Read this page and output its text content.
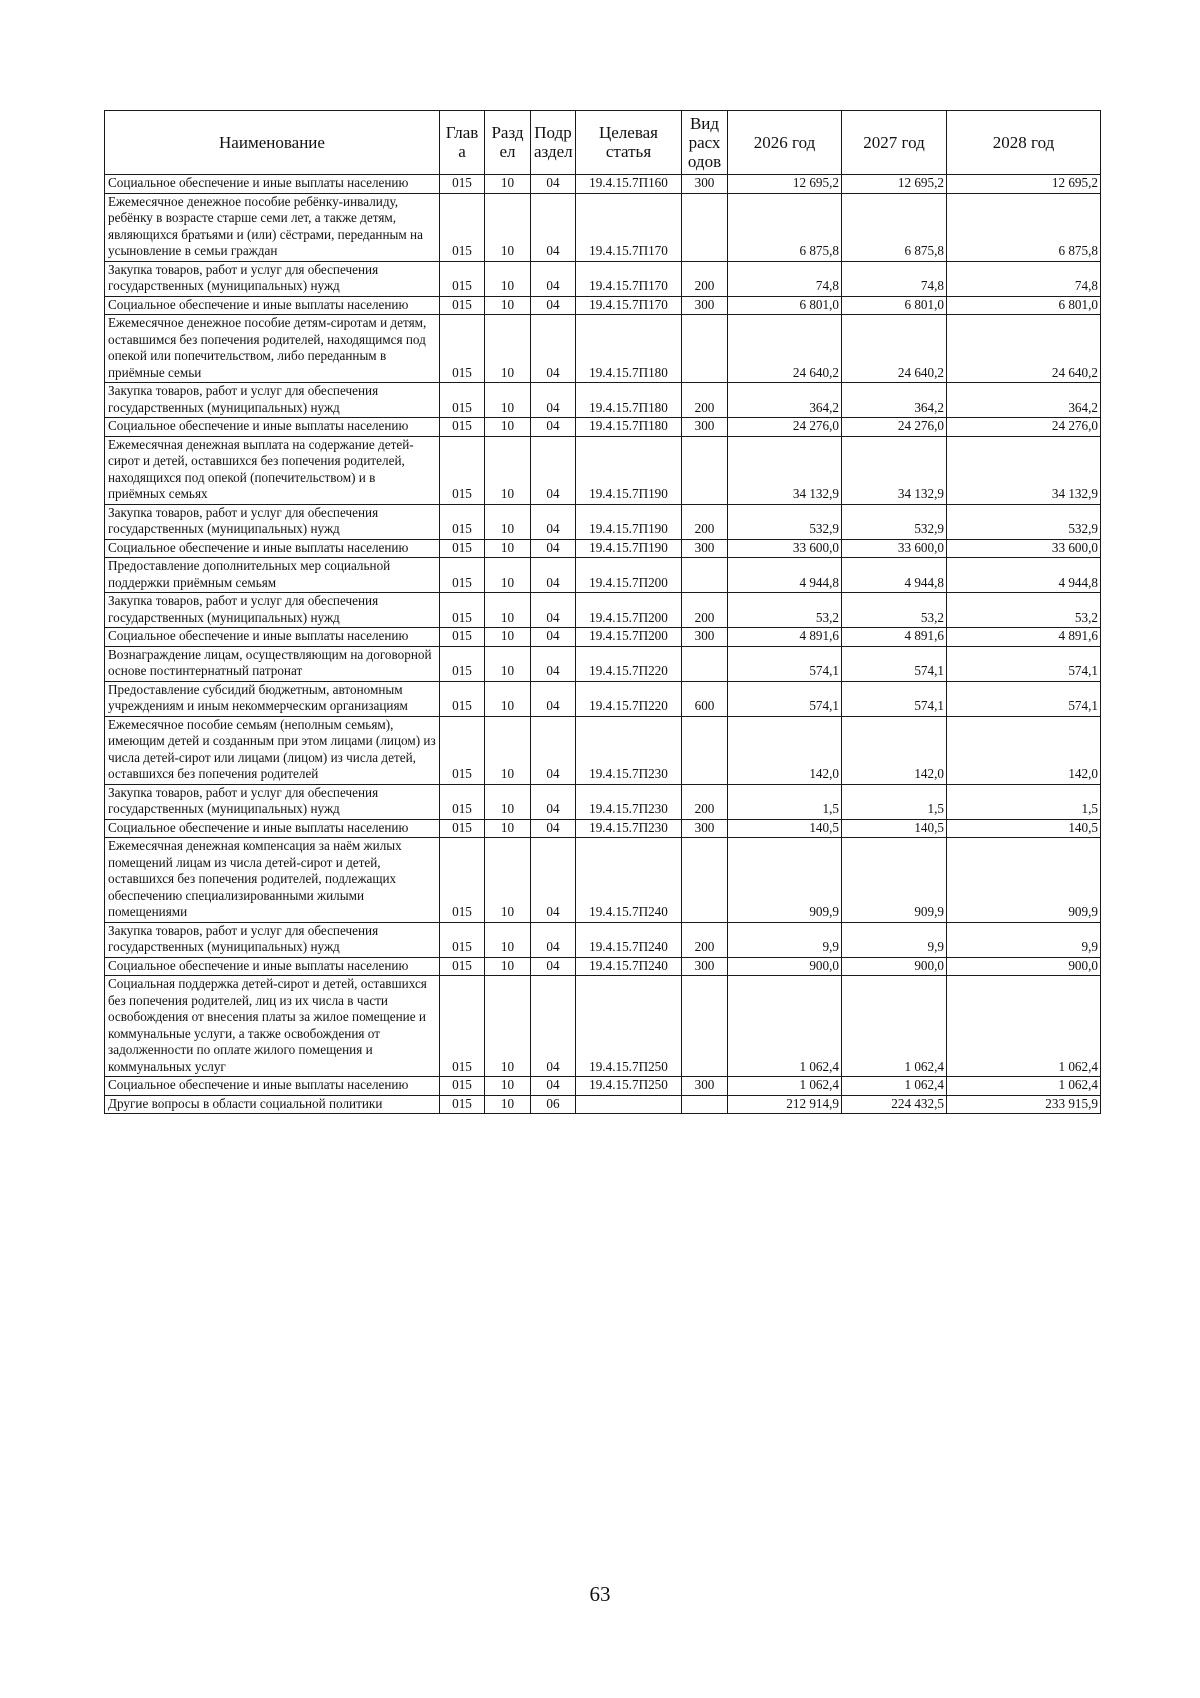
Наименование	Глав а	Разд ел	Подр аздел	Целевая статья	Вид расх одов	2026 год	2027 год	2028 год
Социальное обеспечение и иные выплаты населению	015	10	04	19.4.15.7П160	300	12 695,2	12 695,2	12 695,2
Ежемесячное денежное пособие ребёнку-инвалиду, ребёнку в возрасте старше семи лет, а также детям, являющихся братьями и (или) сёстрами, переданным на усыновление в семьи граждан	015	10	04	19.4.15.7П170		6 875,8	6 875,8	6 875,8
Закупка товаров, работ и услуг для обеспечения государственных (муниципальных) нужд	015	10	04	19.4.15.7П170	200	74,8	74,8	74,8
Социальное обеспечение и иные выплаты населению	015	10	04	19.4.15.7П170	300	6 801,0	6 801,0	6 801,0
Ежемесячное денежное пособие детям-сиротам и детям, оставшимся без попечения родителей, находящимся под опекой или попечительством, либо переданным в приёмные семьи	015	10	04	19.4.15.7П180		24 640,2	24 640,2	24 640,2
Закупка товаров, работ и услуг для обеспечения государственных (муниципальных) нужд	015	10	04	19.4.15.7П180	200	364,2	364,2	364,2
Социальное обеспечение и иные выплаты населению	015	10	04	19.4.15.7П180	300	24 276,0	24 276,0	24 276,0
Ежемесячная денежная выплата на содержание детей-сирот и детей, оставшихся без попечения родителей, находящихся под опекой (попечительством) и в приёмных семьях	015	10	04	19.4.15.7П190		34 132,9	34 132,9	34 132,9
Закупка товаров, работ и услуг для обеспечения государственных (муниципальных) нужд	015	10	04	19.4.15.7П190	200	532,9	532,9	532,9
Социальное обеспечение и иные выплаты населению	015	10	04	19.4.15.7П190	300	33 600,0	33 600,0	33 600,0
Предоставление дополнительных мер социальной поддержки приёмным семьям	015	10	04	19.4.15.7П200		4 944,8	4 944,8	4 944,8
Закупка товаров, работ и услуг для обеспечения государственных (муниципальных) нужд	015	10	04	19.4.15.7П200	200	53,2	53,2	53,2
Социальное обеспечение и иные выплаты населению	015	10	04	19.4.15.7П200	300	4 891,6	4 891,6	4 891,6
Вознаграждение лицам, осуществляющим на договорной основе постинтернатный патронат	015	10	04	19.4.15.7П220		574,1	574,1	574,1
Предоставление субсидий бюджетным, автономным учреждениям и иным некоммерческим организациям	015	10	04	19.4.15.7П220	600	574,1	574,1	574,1
Ежемесячное пособие семьям (неполным семьям), имеющим детей и созданным при этом лицами (лицом) из числа детей-сирот или лицами (лицом) из числа детей, оставшихся без попечения родителей	015	10	04	19.4.15.7П230		142,0	142,0	142,0
Закупка товаров, работ и услуг для обеспечения государственных (муниципальных) нужд	015	10	04	19.4.15.7П230	200	1,5	1,5	1,5
Социальное обеспечение и иные выплаты населению	015	10	04	19.4.15.7П230	300	140,5	140,5	140,5
Ежемесячная денежная компенсация за наём жилых помещений лицам из числа детей-сирот и детей, оставшихся без попечения родителей, подлежащих обеспечению специализированными жилыми помещениями	015	10	04	19.4.15.7П240		909,9	909,9	909,9
Закупка товаров, работ и услуг для обеспечения государственных (муниципальных) нужд	015	10	04	19.4.15.7П240	200	9,9	9,9	9,9
Социальное обеспечение и иные выплаты населению	015	10	04	19.4.15.7П240	300	900,0	900,0	900,0
Социальная поддержка детей-сирот и детей, оставшихся без попечения родителей, лиц из их числа в части освобождения от внесения платы за жилое помещение и коммунальные услуги, а также освобождения от задолженности по оплате жилого помещения и коммунальных услуг	015	10	04	19.4.15.7П250		1 062,4	1 062,4	1 062,4
Социальное обеспечение и иные выплаты населению	015	10	04	19.4.15.7П250	300	1 062,4	1 062,4	1 062,4
Другие вопросы в области социальной политики	015	10	06			212 914,9	224 432,5	233 915,9
63
